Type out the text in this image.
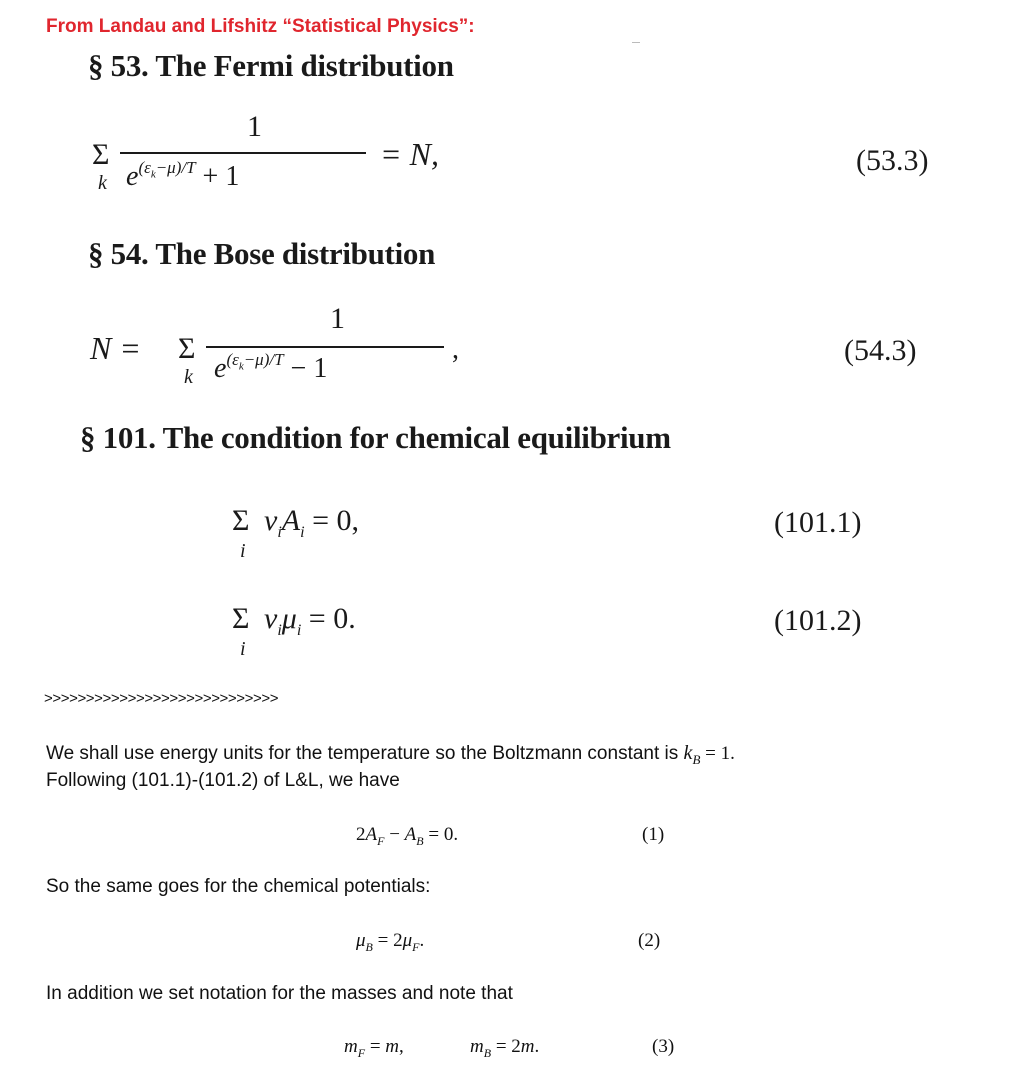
From Landau and Lifshitz “Statistical Physics”:
§ 53. The Fermi distribution
Σ
k
1
$e^{(\varepsilon_k-\mu)/T} + 1$
= N,	(53.3)
§ 54. The Bose distribution
N = Σ
k
1
$e^{(\varepsilon_k-\mu)/T} - 1$
,	(54.3)
§ 101. The condition for chemical equilibrium
Σ
i
$\nu_iA_i = 0$,	(101.1)
Σ
i
$\nu_i\mu_i = 0$.	(101.2)
>>>>>>>>>>>>>>>>>>>>>>>>>>>>
We shall use energy units for the temperature so the Boltzmann constant is $k_B = 1$.
Following (101.1)-(101.2) of L&L, we have
$2A_F - A_B = 0$.	(1)
So the same goes for the chemical potentials:
$\mu_B = 2\mu_F$.	(2)
In addition we set notation for the masses and note that
$m_F = m$,	$m_B = 2m$.	(3)
